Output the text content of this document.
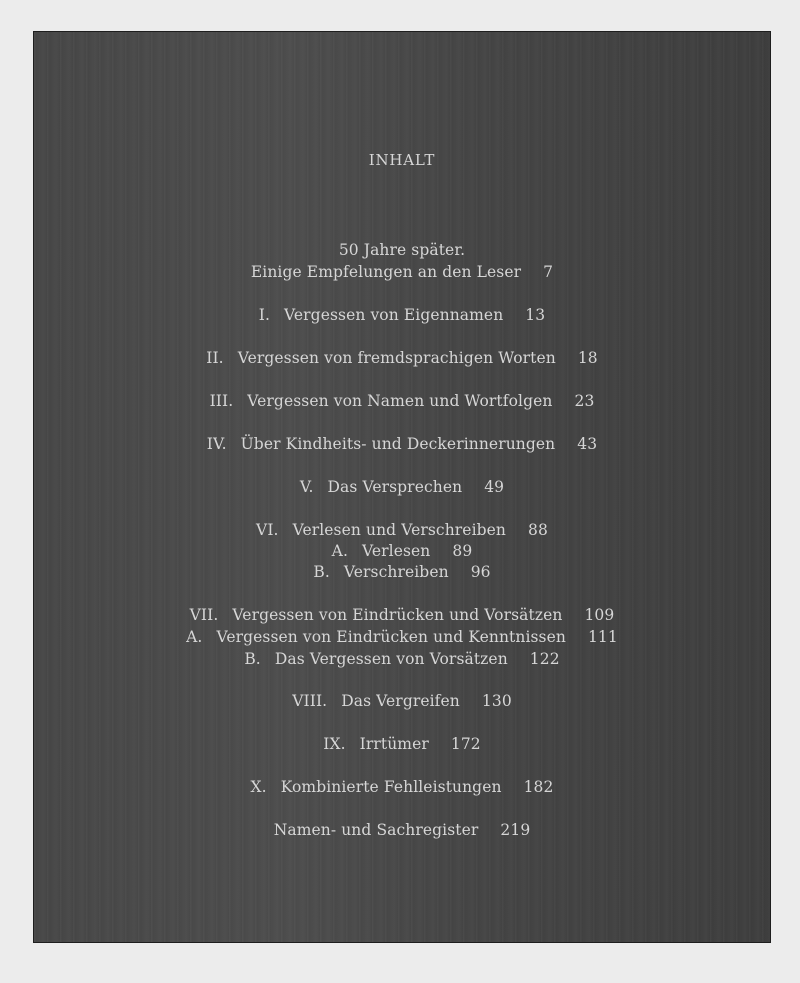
INHALT
50 Jahre später.
Einige Empfelungen an den Leser 7
I. Vergessen von Eigennamen 13
II. Vergessen von fremdsprachigen Worten 18
III. Vergessen von Namen und Wortfolgen 23
IV. Über Kindheits- und Deckerinnerungen 43
V. Das Versprechen 49
VI. Verlesen und Verschreiben 88
A. Verlesen 89
B. Verschreiben 96
VII. Vergessen von Eindrücken und Vorsätzen 109
A. Vergessen von Eindrücken und Kenntnissen 111
B. Das Vergessen von Vorsätzen 122
VIII. Das Vergreifen 130
IX. Irrtümer 172
X. Kombinierte Fehlleistungen 182
Namen- und Sachregister 219
